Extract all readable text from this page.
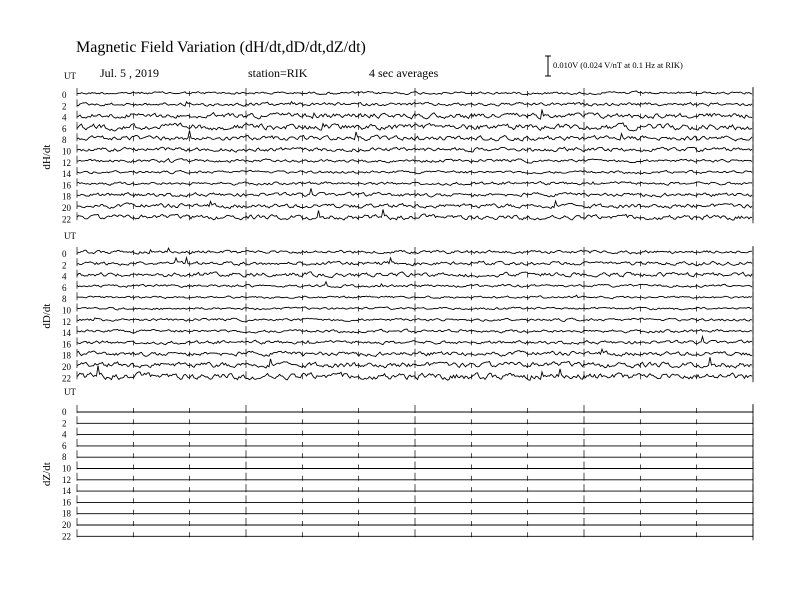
Magnetic Field Variation (dH/dt,dD/dt,dZ/dt)
Jul. 5 , 2019	station=RIK	4 sec averages
0.010V (0.024 V/nT at 0.1 Hz at RIK)
UT
dH/dt
0
2
4
6
8
10
12
14
16
18
20
22
UT
dD/dt
0
2
4
6
8
10
12
14
16
18
20
22
UT
dZ/dt
0
2
4
6
8
10
12
14
16
18
20
22
